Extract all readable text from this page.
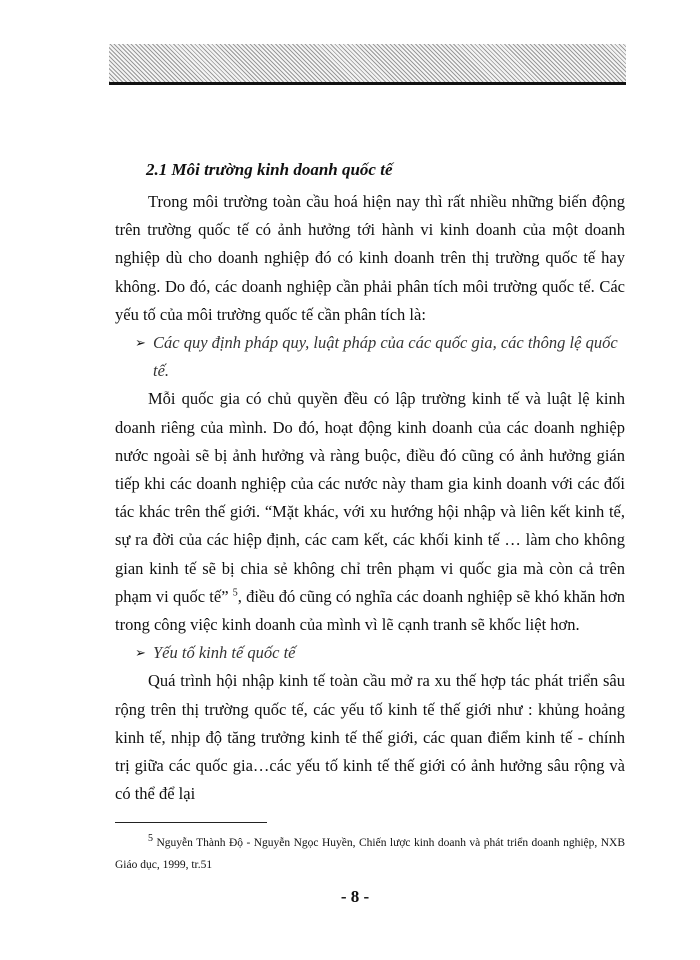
2.1 Môi trường kinh doanh quốc tế

Trong môi trường toàn cầu hoá hiện nay thì rất nhiều những biến động trên trường quốc tế có ảnh hưởng tới hành vi kinh doanh của một doanh nghiệp dù cho doanh nghiệp đó có kinh doanh trên thị trường quốc tế hay không. Do đó, các doanh nghiệp cần phải phân tích môi trường quốc tế. Các yếu tố của môi trường quốc tế cần phân tích là:

➢ Các quy định pháp quy, luật pháp của các quốc gia, các thông lệ quốc tế.

Mỗi quốc gia có chủ quyền đều có lập trường kinh tế và luật lệ kinh doanh riêng của mình. Do đó, hoạt động kinh doanh của các doanh nghiệp nước ngoài sẽ bị ảnh hưởng và ràng buộc, điều đó cũng có ảnh hưởng gián tiếp khi các doanh nghiệp của các nước này tham gia kinh doanh với các đối tác khác trên thế giới. “Mặt khác, với xu hướng hội nhập và liên kết kinh tế, sự ra đời của các hiệp định, các cam kết, các khối kinh tế … làm cho không gian kinh tế sẽ bị chia sẻ không chỉ trên phạm vi quốc gia mà còn cả trên phạm vi quốc tế” $^5$, điều đó cũng có nghĩa các doanh nghiệp sẽ khó khăn hơn trong công việc kinh doanh của mình vì lẽ cạnh tranh sẽ khốc liệt hơn.

➢ Yếu tố kinh tế quốc tế

Quá trình hội nhập kinh tế toàn cầu mở ra xu thế hợp tác phát triển sâu rộng trên thị trường quốc tế, các yếu tố kinh tế thế giới như : khủng hoảng kinh tế, nhịp độ tăng trưởng kinh tế thế giới, các quan điểm kinh tế - chính trị giữa các quốc gia…các yếu tố kinh tế thế giới có ảnh hưởng sâu rộng và có thể để lại

$^5$ Nguyễn Thành Độ - Nguyễn Ngọc Huyền, Chiến lược kinh doanh và phát triển doanh nghiệp, NXB Giáo dục, 1999, tr.51
- 8 -
